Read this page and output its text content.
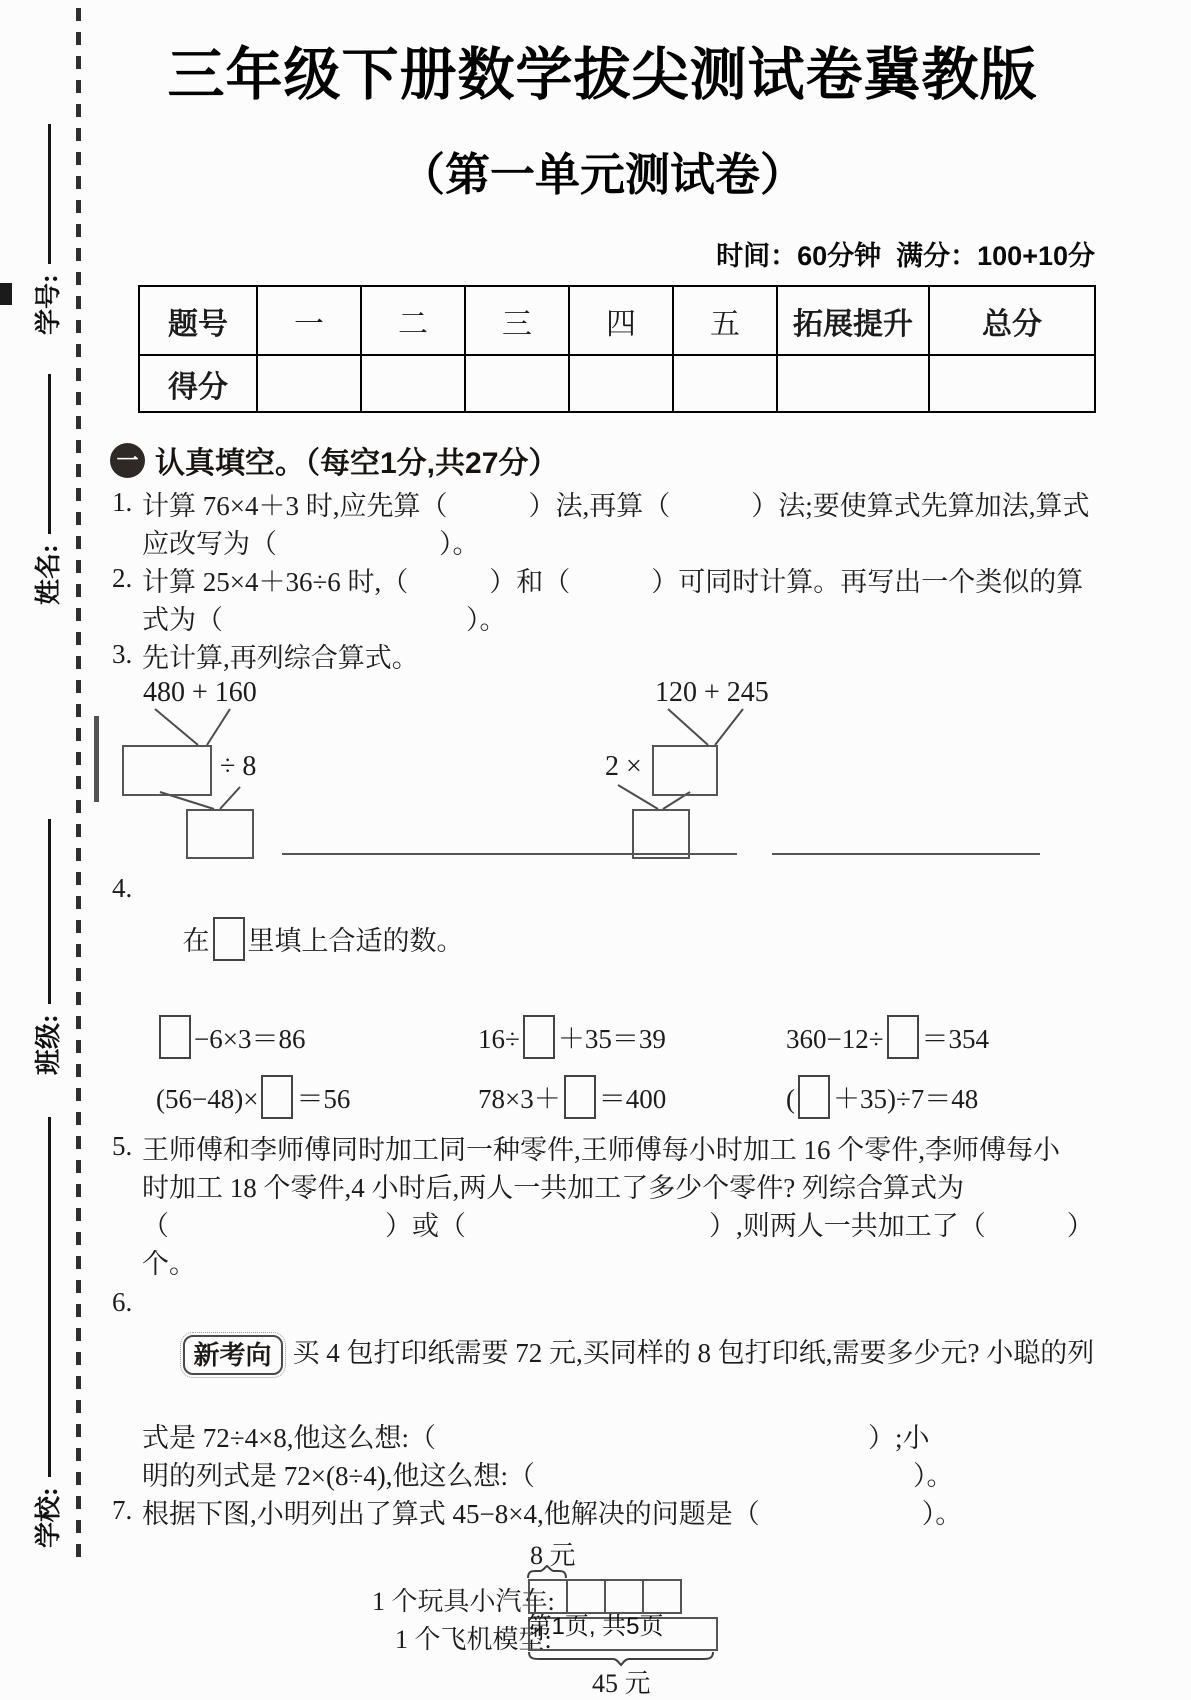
学号:
姓名:
班级:
学校:
三年级下册数学拔尖测试卷冀教版
（第一单元测试卷）
时间：60分钟  满分：100+10分
题号	一	二	三	四	五	拓展提升	总分
得分							
一 认真填空。（每空1分,共27分）
1. 计算 76×4＋3 时,应先算（　　　）法,再算（　　　）法;要使算式先算加法,算式
应改写为（　　　　　　）。
2. 计算 25×4＋36÷6 时,（　　　）和（　　　）可同时计算。再写出一个类似的算
式为（　　　　　　　　　）。
3. 先计算,再列综合算式。
480 + 160
÷ 8
120 + 245
2 ×
4.

在 里填上合适的数。

−6×3＝86	16÷ ＋35＝39	360−12÷ ＝354
(56−48)× ＝56	78×3＋ ＝400	( ＋35)÷7＝48
5. 王师傅和李师傅同时加工同一种零件,王师傅每小时加工 16 个零件,李师傅每小
时加工 18 个零件,4 小时后,两人一共加工了多少个零件? 列综合算式为
（　　　　　　　　）或（　　　　　　　　　）,则两人一共加工了（　　　）个。
6.

新考向 买 4 包打印纸需要 72 元,买同样的 8 包打印纸,需要多少元? 小聪的列

式是 72÷4×8,他这么想:（　　　　　　　　　　　　　　　　）;小
明的列式是 72×(8÷4),他这么想:（　　　　　　　　　　　　　　）。
7. 根据下图,小明列出了算式 45−8×4,他解决的问题是（　　　　　　）。
8 元
1 个玩具小汽车:
1 个飞机模型:
45 元
第1页, 共5页
